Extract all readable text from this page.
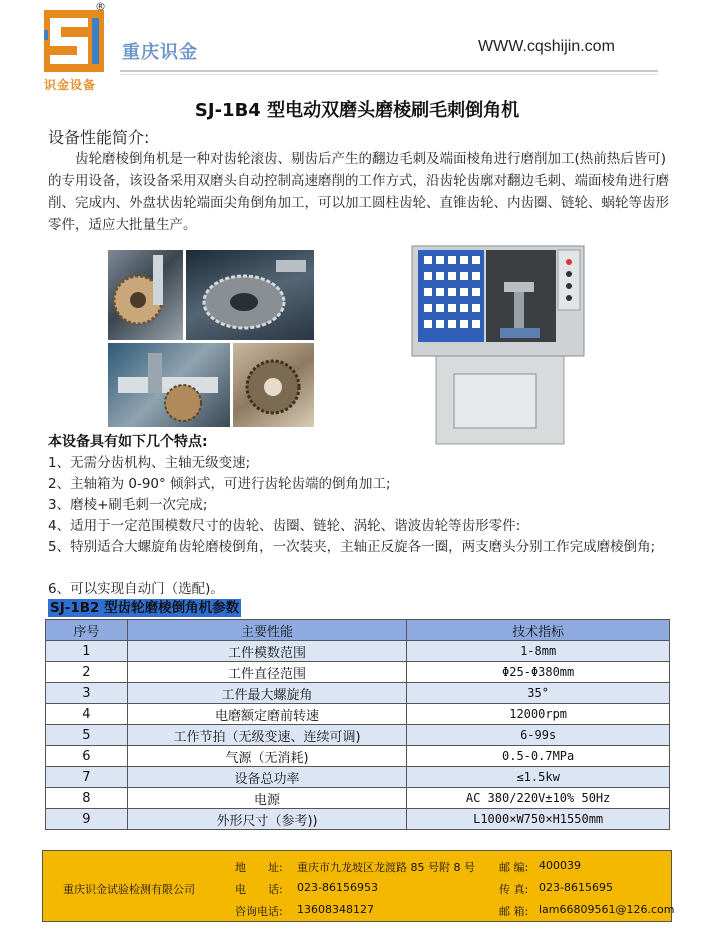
®
识金设备
重庆识金	WWW.cqshijin.com
SJ-1B4 型电动双磨头磨棱刷毛刺倒角机
设备性能简介:
齿轮磨棱倒角机是一种对齿轮滚齿、剔齿后产生的翻边毛刺及端面棱角进行磨削加工(热前热后皆可)的专用设备，该设备采用双磨头自动控制高速磨削的工作方式，沿齿轮齿廓对翻边毛刺、端面棱角进行磨削、完成内、外盘状齿轮端面尖角倒角加工，可以加工圆柱齿轮、直锥齿轮、内齿圈、链轮、蜗轮等齿形零件，适应大批量生产。
本设备具有如下几个特点:
1、无需分齿机构、主轴无级变速;
2、主轴箱为 0-90° 倾斜式，可进行齿轮齿端的倒角加工;
3、磨棱+刷毛刺一次完成;
4、适用于一定范围模数尺寸的齿轮、齿圈、链轮、涡轮、谐波齿轮等齿形零件:
5、特别适合大螺旋角齿轮磨棱倒角，一次装夹，主轴正反旋各一圈，两支磨头分别工作完成磨棱倒角;
6、可以实现自动门（选配)。
SJ-1B2 型齿轮磨棱倒角机参数
序号	主要性能	技术指标
1	工件模数范围	1-8mm
2	工件直径范围	Φ25-Φ380mm
3	工件最大螺旋角	35°
4	电磨额定磨前转速	12000rpm
5	工作节拍（无级变速、连续可调)	6-99s
6	气源（无消耗)	0.5-0.7MPa
7	设备总功率	≤1.5kw
8	电源	AC 380/220V±10% 50Hz
9	外形尺寸（参考))	L1000×W750×H1550mm
重庆识金试验检测有限公司
地　　址: 重庆市九龙坡区龙渡路 85 号附 8 号 邮 编: 400039
电　　话: 023-86156953	传 真: 023-8615695
咨询电话: 13608348127	邮 箱: lam66809561@126.com
